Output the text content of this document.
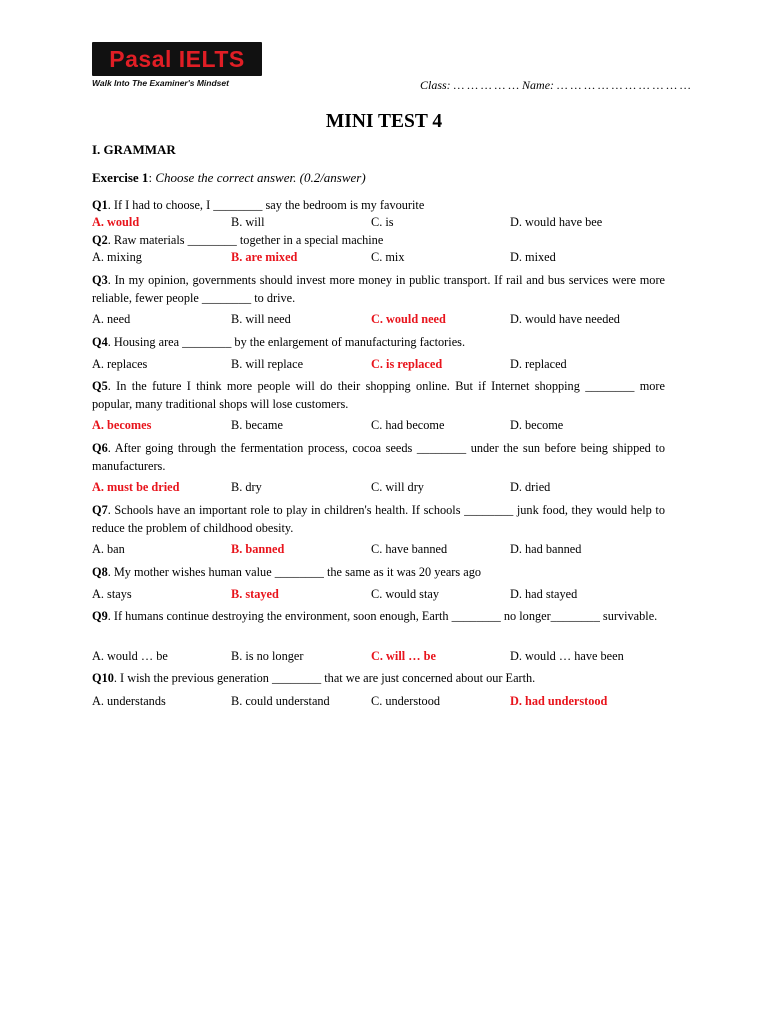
Pasal IELTS
Walk Into The Examiner's Mindset	Class: … … … … … Name: … … … … … … … … … …
MINI TEST 4
I. GRAMMAR
Exercise 1: Choose the correct answer. (0.2/answer)
Q1. If I had to choose, I ________ say the bedroom is my favourite
A. would	B. will	C. is	D. would have bee
Q2. Raw materials ________ together in a special machine
A. mixing	B. are mixed	C. mix	D. mixed
Q3. In my opinion, governments should invest more money in public transport. If rail and bus services were more reliable, fewer people ________ to drive.
A. need	B. will need	C. would need	D. would have needed
Q4. Housing area ________ by the enlargement of manufacturing factories.
A. replaces	B. will replace	C. is replaced	D. replaced
Q5. In the future I think more people will do their shopping online. But if Internet shopping ________ more popular, many traditional shops will lose customers.
A. becomes	B. became	C. had become	D. become
Q6. After going through the fermentation process, cocoa seeds ________ under the sun before being shipped to manufacturers.
A. must be dried	B. dry	C. will dry	D. dried
Q7. Schools have an important role to play in children's health. If schools ________ junk food, they would help to reduce the problem of childhood obesity.
A. ban	B. banned	C. have banned	D. had banned
Q8. My mother wishes human value ________ the same as it was 20 years ago
A. stays	B. stayed	C. would stay	D. had stayed
Q9. If humans continue destroying the environment, soon enough, Earth ________ no longer________ survivable.
A. would … be	B. is no longer	C. will … be	D. would … have been
Q10. I wish the previous generation ________ that we are just concerned about our Earth.
A. understands	B. could understand	C. understood	D. had understood
